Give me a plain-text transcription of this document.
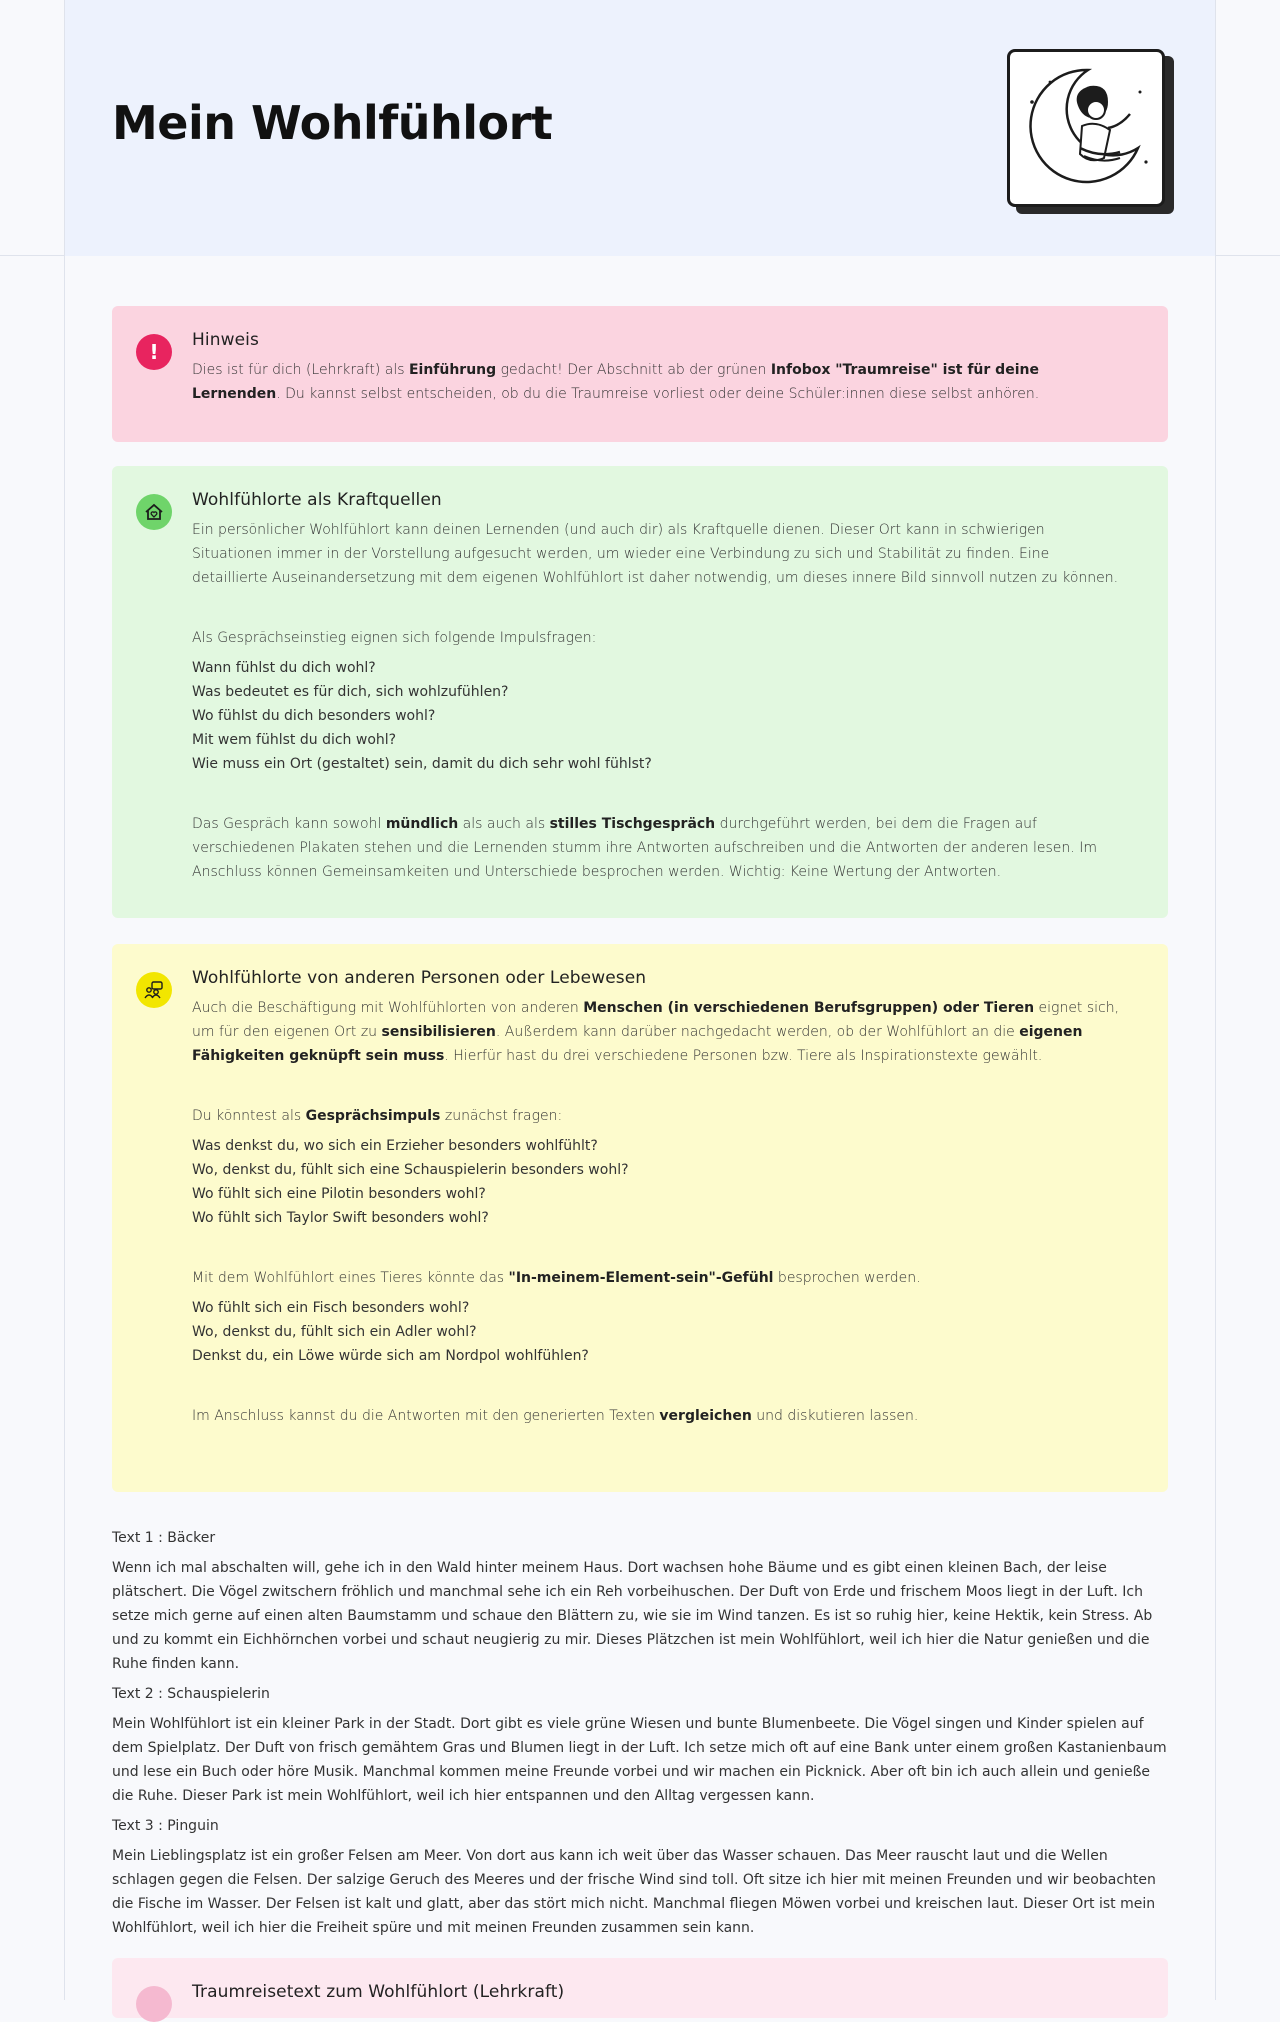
Mein Wohlfühlort
! Hinweis

Dies ist für dich (Lehrkraft) als Einführung gedacht! Der Abschnitt ab der grünen Infobox "Traumreise" ist für deine Lernenden. Du kannst selbst entscheiden, ob du die Traumreise vorliest oder deine Schüler:innen diese selbst anhören.

Wohlfühlorte als Kraftquellen

Ein persönlicher Wohlfühlort kann deinen Lernenden (und auch dir) als Kraftquelle dienen. Dieser Ort kann in schwierigen Situationen immer in der Vorstellung aufgesucht werden, um wieder eine Verbindung zu sich und Stabilität zu finden. Eine detaillierte Auseinandersetzung mit dem eigenen Wohlfühlort ist daher notwendig, um dieses innere Bild sinnvoll nutzen zu können.

Als Gesprächseinstieg eignen sich folgende Impulsfragen:

Wann fühlst du dich wohl?
Was bedeutet es für dich, sich wohlzufühlen?
Wo fühlst du dich besonders wohl?
Mit wem fühlst du dich wohl?
Wie muss ein Ort (gestaltet) sein, damit du dich sehr wohl fühlst?

Das Gespräch kann sowohl mündlich als auch als stilles Tischgespräch durchgeführt werden, bei dem die Fragen auf verschiedenen Plakaten stehen und die Lernenden stumm ihre Antworten aufschreiben und die Antworten der anderen lesen. Im Anschluss können Gemeinsamkeiten und Unterschiede besprochen werden. Wichtig: Keine Wertung der Antworten.

Wohlfühlorte von anderen Personen oder Lebewesen

Auch die Beschäftigung mit Wohlfühlorten von anderen Menschen (in verschiedenen Berufsgruppen) oder Tieren eignet sich, um für den eigenen Ort zu sensibilisieren. Außerdem kann darüber nachgedacht werden, ob der Wohlfühlort an die eigenen Fähigkeiten geknüpft sein muss. Hierfür hast du drei verschiedene Personen bzw. Tiere als Inspirationstexte gewählt.

Du könntest als Gesprächsimpuls zunächst fragen:

Was denkst du, wo sich ein Erzieher besonders wohlfühlt?
Wo, denkst du, fühlt sich eine Schauspielerin besonders wohl?
Wo fühlt sich eine Pilotin besonders wohl?
Wo fühlt sich Taylor Swift besonders wohl?

Mit dem Wohlfühlort eines Tieres könnte das "In-meinem-Element-sein"-Gefühl besprochen werden.

Wo fühlt sich ein Fisch besonders wohl?
Wo, denkst du, fühlt sich ein Adler wohl?
Denkst du, ein Löwe würde sich am Nordpol wohlfühlen?

Im Anschluss kannst du die Antworten mit den generierten Texten vergleichen und diskutieren lassen.

Text 1 : Bäcker

Wenn ich mal abschalten will, gehe ich in den Wald hinter meinem Haus. Dort wachsen hohe Bäume und es gibt einen kleinen Bach, der leise plätschert. Die Vögel zwitschern fröhlich und manchmal sehe ich ein Reh vorbeihuschen. Der Duft von Erde und frischem Moos liegt in der Luft. Ich setze mich gerne auf einen alten Baumstamm und schaue den Blättern zu, wie sie im Wind tanzen. Es ist so ruhig hier, keine Hektik, kein Stress. Ab und zu kommt ein Eichhörnchen vorbei und schaut neugierig zu mir. Dieses Plätzchen ist mein Wohlfühlort, weil ich hier die Natur genießen und die Ruhe finden kann.

Text 2 : Schauspielerin

Mein Wohlfühlort ist ein kleiner Park in der Stadt. Dort gibt es viele grüne Wiesen und bunte Blumenbeete. Die Vögel singen und Kinder spielen auf dem Spielplatz. Der Duft von frisch gemähtem Gras und Blumen liegt in der Luft. Ich setze mich oft auf eine Bank unter einem großen Kastanienbaum und lese ein Buch oder höre Musik. Manchmal kommen meine Freunde vorbei und wir machen ein Picknick. Aber oft bin ich auch allein und genieße die Ruhe. Dieser Park ist mein Wohlfühlort, weil ich hier entspannen und den Alltag vergessen kann.

Text 3 : Pinguin

Mein Lieblingsplatz ist ein großer Felsen am Meer. Von dort aus kann ich weit über das Wasser schauen. Das Meer rauscht laut und die Wellen schlagen gegen die Felsen. Der salzige Geruch des Meeres und der frische Wind sind toll. Oft sitze ich hier mit meinen Freunden und wir beobachten die Fische im Wasser. Der Felsen ist kalt und glatt, aber das stört mich nicht. Manchmal fliegen Möwen vorbei und kreischen laut. Dieser Ort ist mein Wohlfühlort, weil ich hier die Freiheit spüre und mit meinen Freunden zusammen sein kann.

Traumreisetext zum Wohlfühlort (Lehrkraft)
